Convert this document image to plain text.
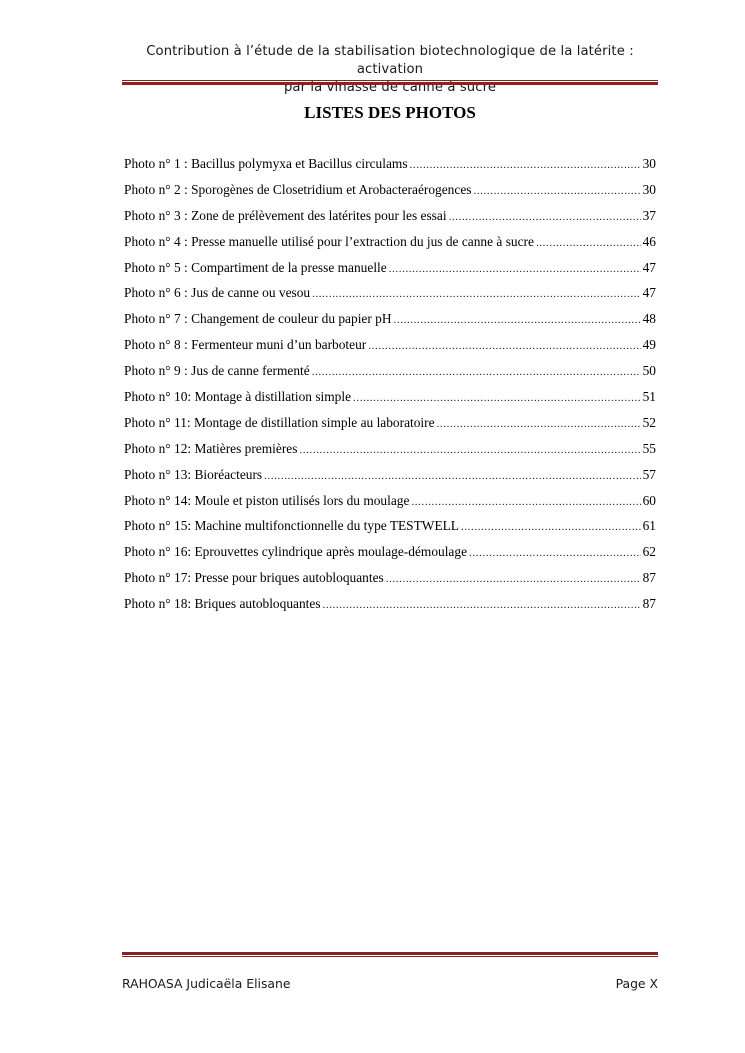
Contribution à l’étude de la stabilisation biotechnologique de la latérite : activation
par la vinasse de canne à sucre
LISTES DES PHOTOS
Photo n° 1 : Bacillus polymyxa et Bacillus circulams .....	30
Photo n° 2 : Sporogènes de Closetridium et Arobacteraérogences .....	30
Photo n° 3 : Zone de prélèvement des latérites pour les essai .....	37
Photo n° 4 : Presse manuelle utilisé pour l’extraction du jus de canne à sucre .....	46
Photo n° 5 : Compartiment de la presse manuelle .....	47
Photo n° 6 : Jus de canne ou vesou .....	47
Photo n° 7 : Changement de couleur du papier pH .....	48
Photo n° 8 : Fermenteur muni d’un barboteur .....	49
Photo n° 9 : Jus de canne fermenté .....	50
Photo n° 10: Montage à distillation simple .....	51
Photo n° 11: Montage de distillation simple au laboratoire .....	52
Photo n° 12: Matières premières .....	55
Photo n° 13: Bioréacteurs .....	57
Photo n° 14: Moule et piston utilisés lors du moulage .....	60
Photo n° 15: Machine multifonctionnelle du type TESTWELL .....	61
Photo n° 16: Eprouvettes cylindrique après moulage-démoulage .....	62
Photo n° 17: Presse pour briques autobloquantes .....	87
Photo n° 18: Briques autobloquantes .....	87
RAHOASA Judicaëla Elisane	Page X
